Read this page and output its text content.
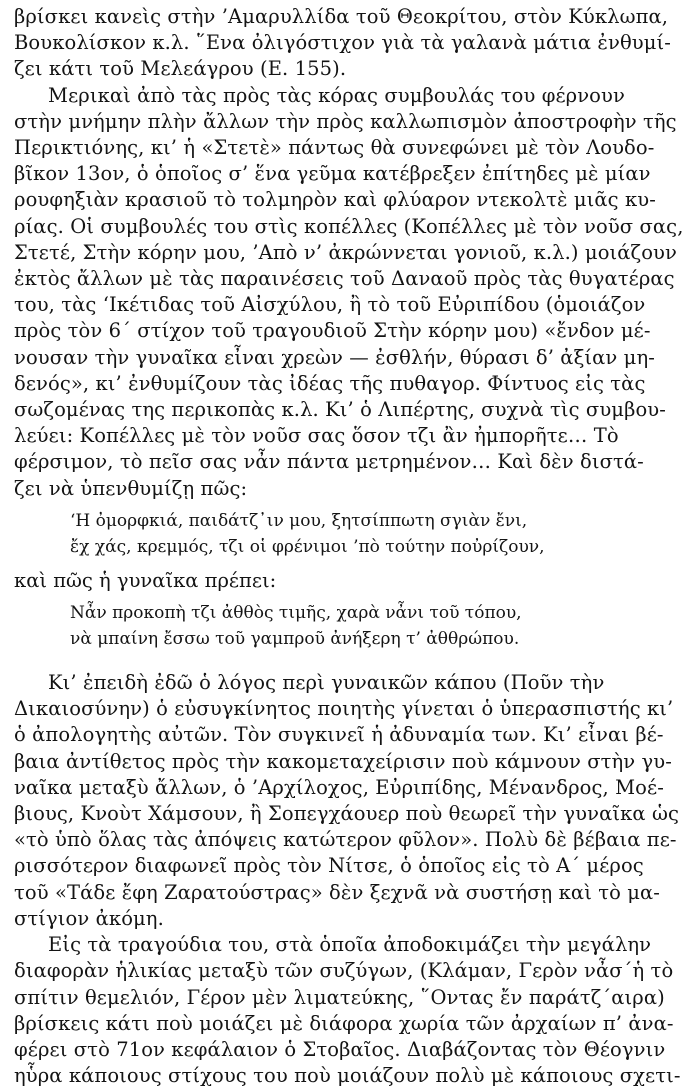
βρίσκει κανεὶς στὴν ’Αμαρυλλίδα τοῦ Θεοκρίτου, στὸν Κύκλωπα,
Βουκολίσκον κ.λ. ῞Ενα ὀλιγόστιχον γιὰ τὰ γαλανὰ μάτια ἐνθυμί-
ζει κάτι τοῦ Μελεάγρου (Ε. 155).
Μερικαὶ ἀπὸ τὰς πρὸς τὰς κόρας συμβουλάς του φέρνουν
στὴν μνήμην πλὴν ἄλλων τὴν πρὸς καλλωπισμὸν ἀποστροφὴν τῆς
Περικτιόνης, κι’ ἡ «Στετὲ» πάντως θὰ συνεφώνει μὲ τὸν Λουδο-
βῖκον 13ον, ὁ ὁποῖος σ’ ἕνα γεῦμα κατέβρεξεν ἐπίτηδες μὲ μίαν
ρουφηξιὰν κρασιοῦ τὸ τολμηρὸν καὶ φλύαρον ντεκολτὲ μιᾶς κυ-
ρίας. Οἱ συμβουλές του στὶς κοπέλλες (Κοπέλλες μὲ τὸν νοῦσ σας,
Στετέ, Στὴν κόρην μου, ’Απὸ ν’ ἀκρώννεται γονιοῦ, κ.λ.) μοιάζουν
ἐκτὸς ἄλλων μὲ τὰς παραινέσεις τοῦ Δαναοῦ πρὸς τὰς θυγατέρας
του, τὰς ‘Ικέτιδας τοῦ Αἰσχύλου, ἢ τὸ τοῦ Εὐριπίδου (ὁμοιάζον
πρὸς τὸν 6΄ στίχον τοῦ τραγουδιοῦ Στὴν κόρην μου) «ἔνδον μέ-
νουσαν τὴν γυναῖκα εἶναι χρεὼν — ἐσθλήν, θύρασι δ’ ἀξίαν μη-
δενός», κι’ ἐνθυμίζουν τὰς ἰδέας τῆς πυθαγορ. Φίντυος εἰς τὰς
σωζομένας της περικοπὰς κ.λ. Κι’ ὁ Λιπέρτης, συχνὰ τὶς συμβου-
λεύει: Κοπέλλες μὲ τὸν νοῦσ σας ὅσον τζι ἂν ἠμπορῆτε… Τὸ
φέρσιμον, τὸ πεῖσ σας νἆν πάντα μετρημένον… Καὶ δὲν διστά-
ζει νὰ ὑπενθυμίζῃ πῶς:
‘Η ὀμορφκιά, παιδάτζ᾽ιν μου, ξητσίππωτη σγιὰν ἔνι,
ἔχ χάς, κρεμμός, τζι οἱ φρένιμοι ’πὸ τούτην ποὐρίζουν,
καὶ πῶς ἡ γυναῖκα πρέπει:
Νἆν προκοπὴ τζι ἀθθὸς τιμῆς, χαρὰ νἆνι τοῦ τόπου,
νὰ μπαίνη ἔσσω τοῦ γαμπροῦ ἀνήξερη τ’ ἀθθρώπου.
Κι’ ἐπειδὴ ἐδῶ ὁ λόγος περὶ γυναικῶν κάπου (Ποῦν τὴν
Δικαιοσύνην) ὁ εὐσυγκίνητος ποιητὴς γίνεται ὁ ὑπερασπιστής κι’
ὁ ἀπολογητὴς αὐτῶν. Τὸν συγκινεῖ ἡ ἀδυναμία των. Κι’ εἶναι βέ-
βαια ἀντίθετος πρὸς τὴν κακομεταχείρισιν ποὺ κάμνουν στὴν γυ-
ναῖκα μεταξὺ ἄλλων, ὁ ’Αρχίλοχος, Εὐριπίδης, Μένανδρος, Μοέ-
βιους, Κνοὺτ Χάμσουν, ἢ Σοπεγχάουερ ποὺ θεωρεῖ τὴν γυναῖκα ὡς
«τὸ ὑπὸ ὅλας τὰς ἀπόψεις κατώτερον φῦλον». Πολὺ δὲ βέβαια πε-
ρισσότερον διαφωνεῖ πρὸς τὸν Νίτσε, ὁ ὁποῖος εἰς τὸ Α΄ μέρος
τοῦ «Τάδε ἔφη Ζαρατούστρας» δὲν ξεχνᾶ νὰ συστήσῃ καὶ τὸ μα-
στίγιον ἀκόμη.
Εἰς τὰ τραγούδια του, στὰ ὁποῖα ἀποδοκιμάζει τὴν μεγάλην
διαφορὰν ἡλικίας μεταξὺ τῶν συζύγων, (Κλάμαν, Γερὸν νἆσ΄ἡ τὸ
σπίτιν θεμελιόν, Γέρον μὲν λιματεύκης, ῞Οντας ἔν παράτζ΄αιρα)
βρίσκεις κάτι ποὺ μοιάζει μὲ διάφορα χωρία τῶν ἀρχαίων π’ ἀνα-
φέρει στὸ 71ον κεφάλαιον ὁ Στοβαῖος. Διαβάζοντας τὸν Θέογνιν
ηὗρα κάποιους στίχους του ποὺ μοιάζουν πολὺ μὲ κάποιους σχετι-
